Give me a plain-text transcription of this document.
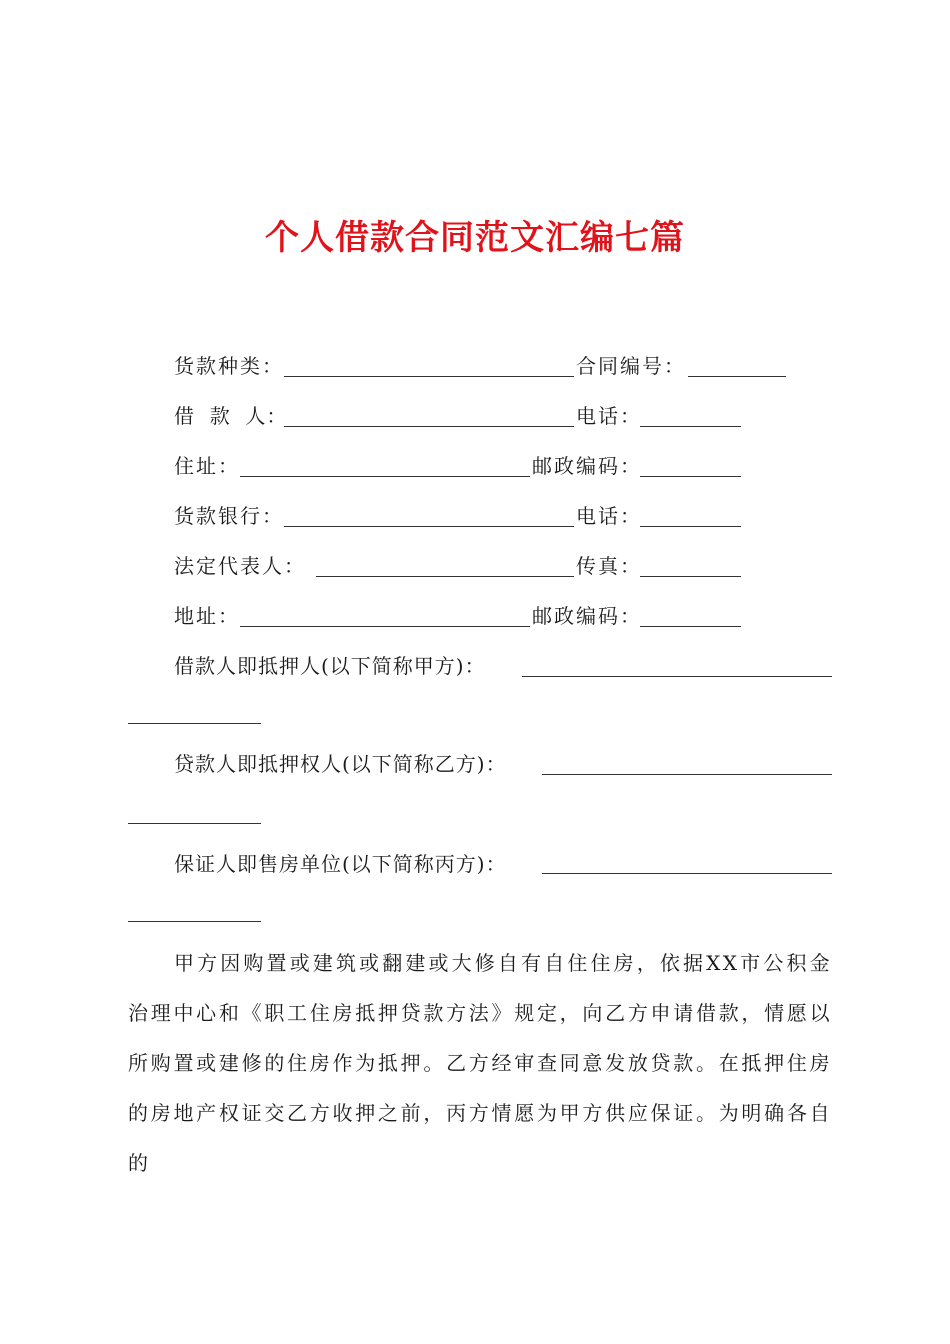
个人借款合同范文汇编七篇
货款种类：	合同编号：
借  款  人：	电话：
住址：	邮政编码：
货款银行：	电话：
法定代表人：	传真：
地址：	邮政编码：
借款人即抵押人(以下简称甲方)：
贷款人即抵押权人(以下简称乙方)：
保证人即售房单位(以下简称丙方)：
甲方因购置或建筑或翻建或大修自有自住住房，依据XX市公积金治理中心和《职工住房抵押贷款方法》规定，向乙方申请借款，情愿以所购置或建修的住房作为抵押。乙方经审查同意发放贷款。在抵押住房的房地产权证交乙方收押之前，丙方情愿为甲方供应保证。为明确各自的
